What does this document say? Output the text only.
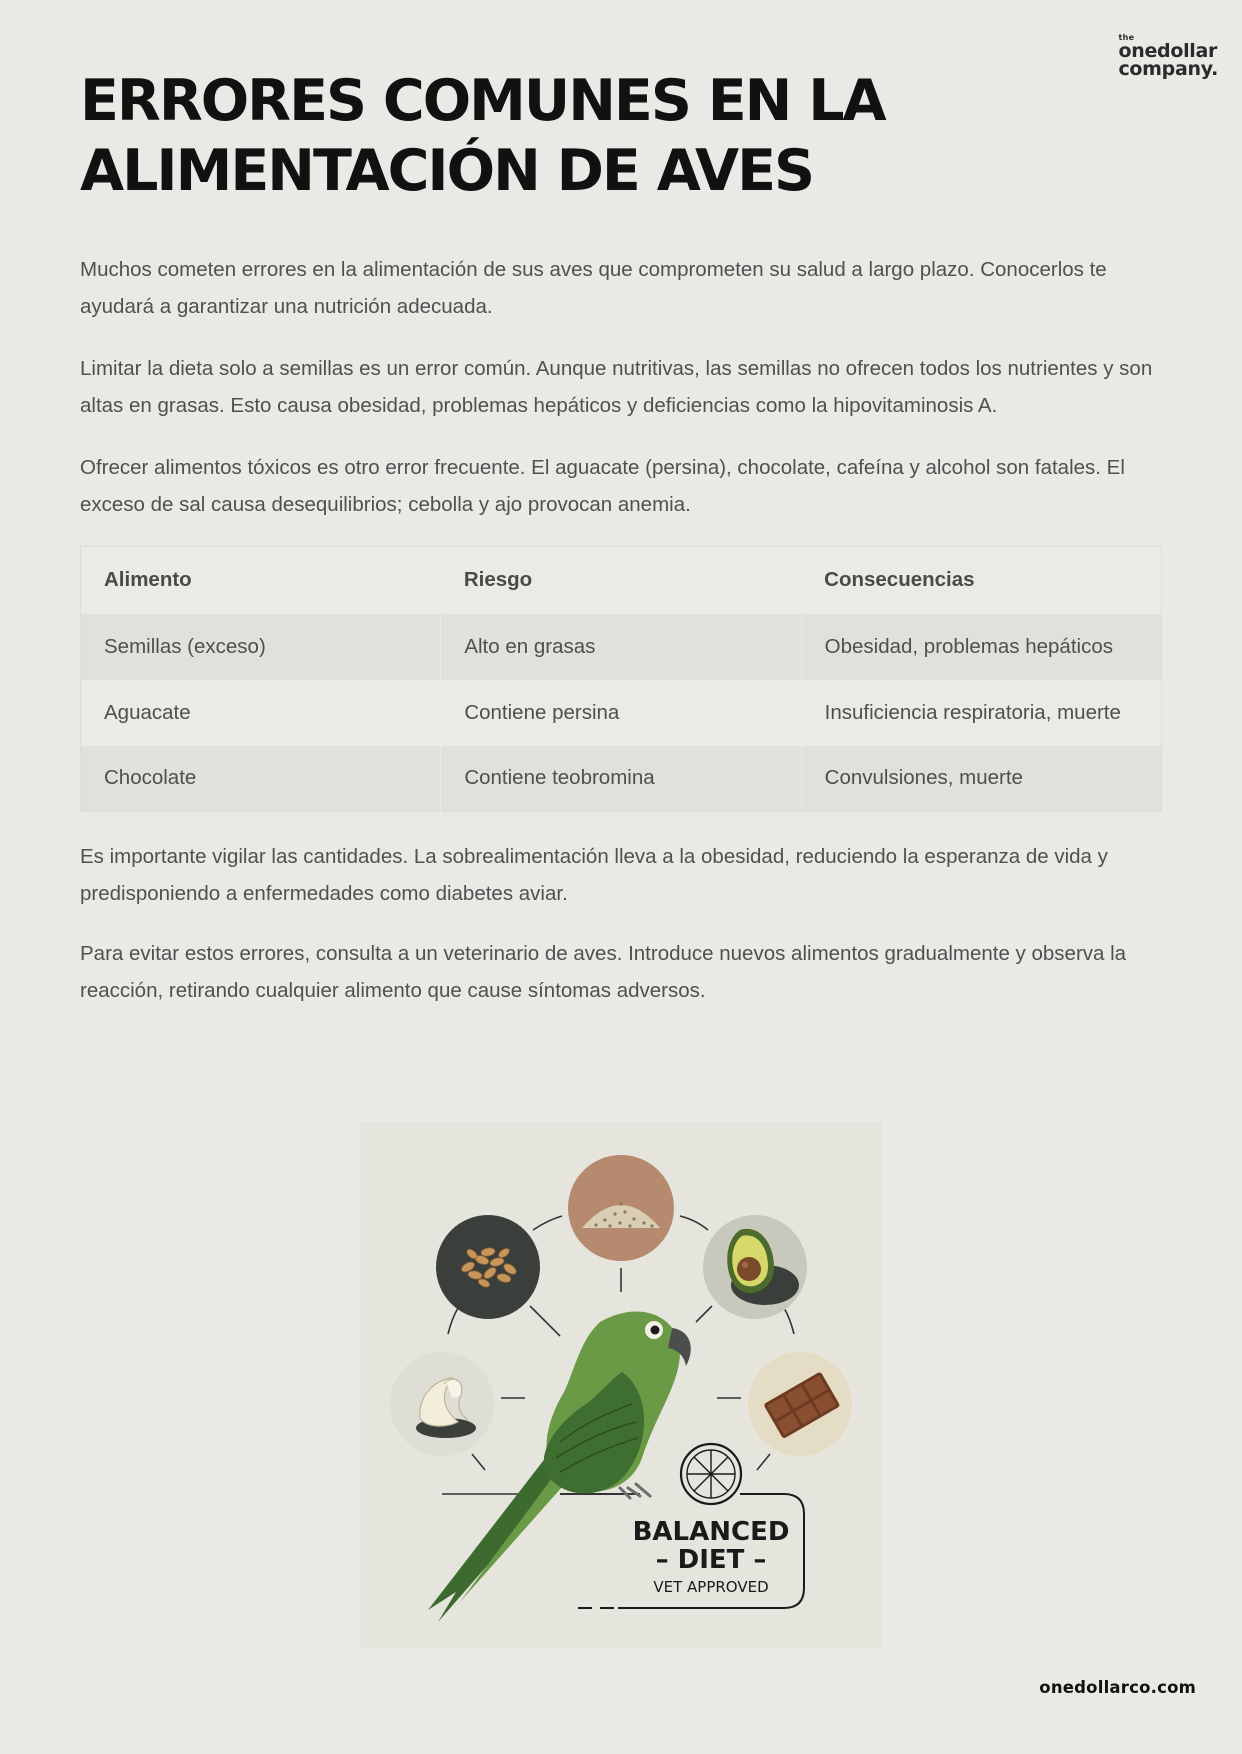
the
onedollar
company.
ERRORES COMUNES EN LA ALIMENTACIÓN DE AVES

Muchos cometen errores en la alimentación de sus aves que comprometen su salud a largo plazo. Conocerlos te ayudará a garantizar una nutrición adecuada.

Limitar la dieta solo a semillas es un error común. Aunque nutritivas, las semillas no ofrecen todos los nutrientes y son altas en grasas. Esto causa obesidad, problemas hepáticos y deficiencias como la hipovitaminosis A.

Ofrecer alimentos tóxicos es otro error frecuente. El aguacate (persina), chocolate, cafeína y alcohol son fatales. El exceso de sal causa desequilibrios; cebolla y ajo provocan anemia.

Alimento	Riesgo	Consecuencias
Semillas (exceso)	Alto en grasas	Obesidad, problemas hepáticos
Aguacate	Contiene persina	Insuficiencia respiratoria, muerte
Chocolate	Contiene teobromina	Convulsiones, muerte

Es importante vigilar las cantidades. La sobrealimentación lleva a la obesidad, reduciendo la esperanza de vida y predisponiendo a enfermedades como diabetes aviar.

Para evitar estos errores, consulta a un veterinario de aves. Introduce nuevos alimentos gradualmente y observa la reacción, retirando cualquier alimento que cause síntomas adversos.

BALANCED
– DIET –
VET APPROVED
onedollarco.com
